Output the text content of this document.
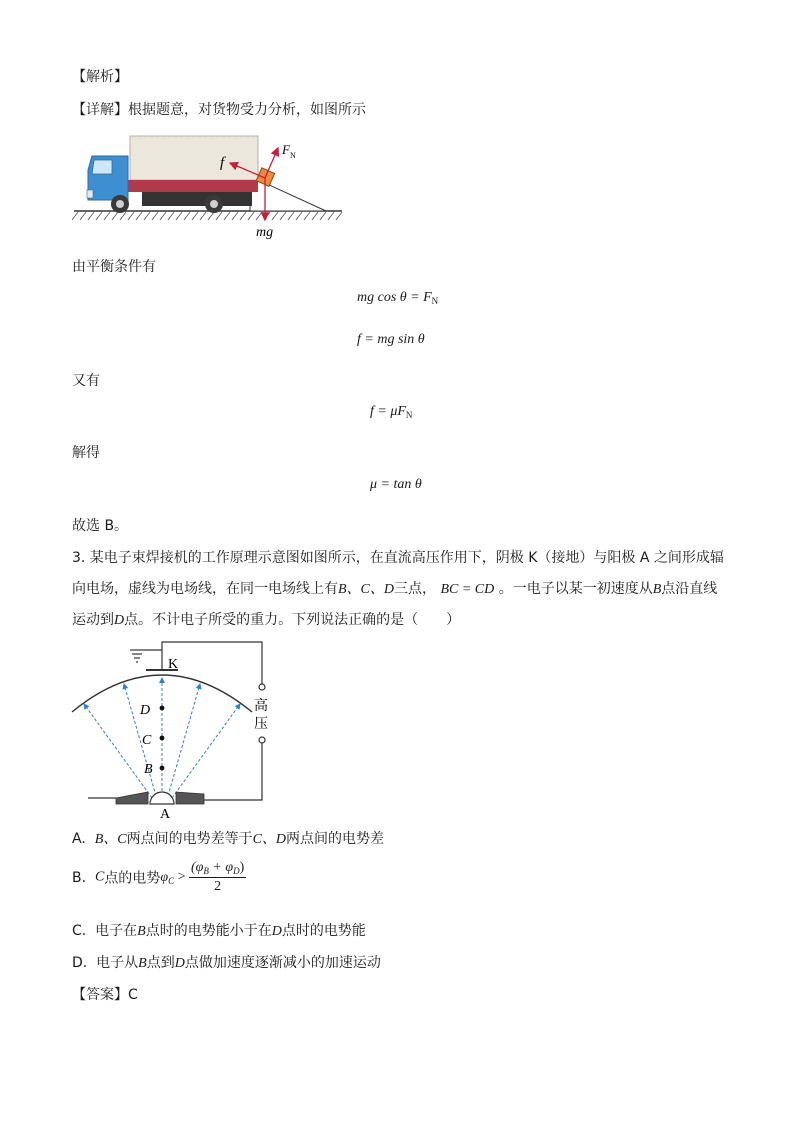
【解析】
【详解】根据题意，对货物受力分析，如图所示
f
F N
mg
由平衡条件有
mg $\cos \theta = F_N$
f = mg sin θ
又有
$f = \mu F_N$
解得
μ = tan θ
故选 B。
3. 某电子束焊接机的工作原理示意图如图所示，在直流高压作用下，阴极 K（接地）与阳极 A 之间形成辐
向电场，虚线为电场线，在同一电场线上有B、C、D三点， BC = CD 。一电子以某一初速度从B点沿直线
运动到D点。不计电子所受的重力。下列说法正确的是（　　）
K
A
D
C
B
高
压
A. B、C两点间的电势差等于C、D两点间的电势差
B. C点的电势$\varphi_C > \frac{(\varphi_B + \varphi_D)}{2}$
C. 电子在B点时的电势能小于在D点时的电势能
D. 电子从B点到D点做加速度逐渐减小的加速运动
【答案】C
